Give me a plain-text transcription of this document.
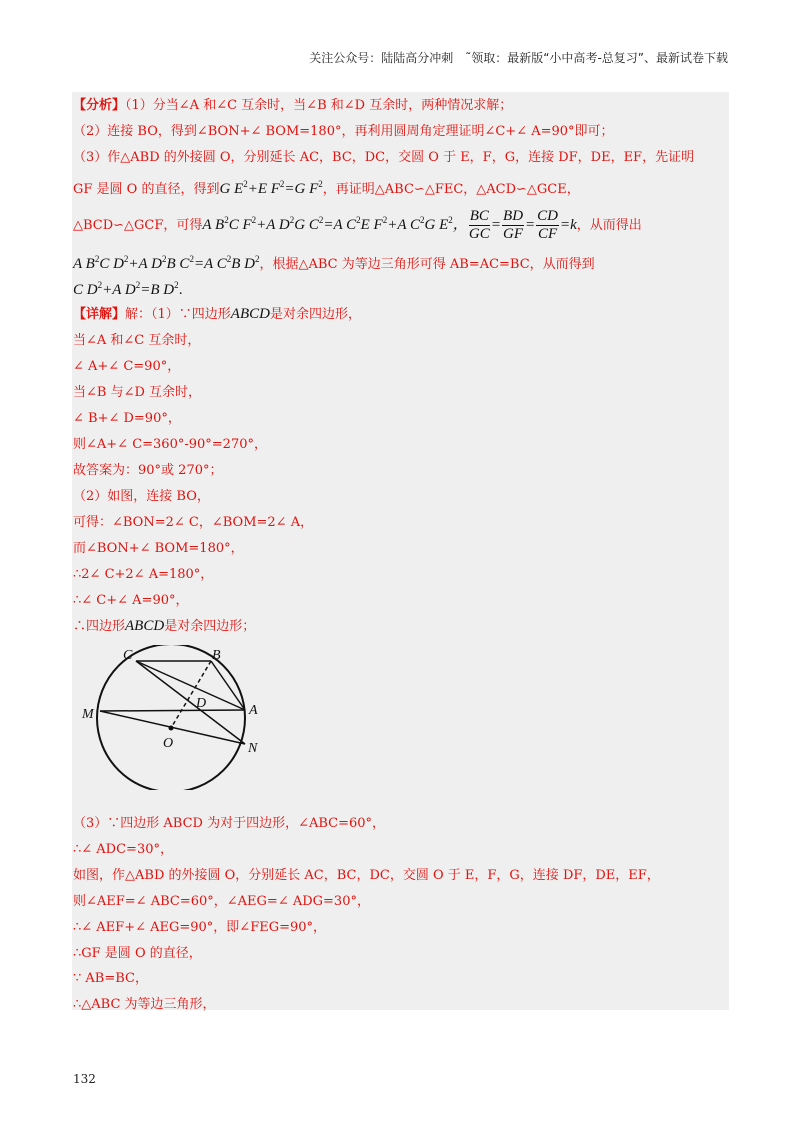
关注公众号：陆陆高分冲刺　˜领取：最新版“小中高考-总复习”、最新试卷下载
【分析】（1）分当∠A 和∠C 互余时，当∠B 和∠D 互余时，两种情况求解；
（2）连接 BO，得到∠BON+∠ BOM=180°，再利用圆周角定理证明∠C+∠ A=90°即可；
（3）作△ABD 的外接圆 O，分别延长 AC，BC，DC，交圆 O 于 E，F，G，连接 DF，DE，EF，先证明
GF 是圆 O 的直径，得到G $E^2+E$ $F^2=G$ $F^2$，再证明△ABC∽△FEC，△ACD∽△GCE，
△BCD∽△GCF，可得A $B^2C$ $F^2+A$ $D^2G$ $C^2=A$ $C^2E$ $F^2+A$ $C^2G$ $E^2$， $\frac{BC}{GC} = \frac{BD}{GF} = \frac{CD}{CF} =k$，从而得出
A $B^2C$ $D^2+A$ $D^2B$ $C^2=A$ $C^2B$ $D^2$，根据△ABC 为等边三角形可得 AB=AC=BC，从而得到
C $D^2+A$ $D^2=B$ $D^2$.
【详解】解：（1）∵四边形ABCD是对余四边形，
当∠A 和∠C 互余时，
∠ A+∠ C=90°，
当∠B 与∠D 互余时，
∠ B+∠ D=90°，
则∠A+∠ C=360°-90°=270°，
故答案为：90°或 270°；
（2）如图，连接 BO，
可得：∠BON=2∠ C，∠BOM=2∠ A，
而∠BON+∠ BOM=180°，
∴2∠ C+2∠ A=180°，
∴∠ C+∠ A=90°，
∴四边形ABCD是对余四边形；
C	B
D
M	A
O	N
（3）∵四边形 ABCD 为对于四边形，∠ABC=60°，
∴∠ ADC=30°，
如图，作△ABD 的外接圆 O，分别延长 AC，BC，DC，交圆 O 于 E，F，G，连接 DF，DE，EF，
则∠AEF=∠ ABC=60°，∠AEG=∠ ADG=30°，
∴∠ AEF+∠ AEG=90°，即∠FEG=90°，
∴GF 是圆 O 的直径，
∵ AB=BC，
∴△ABC 为等边三角形，
132
